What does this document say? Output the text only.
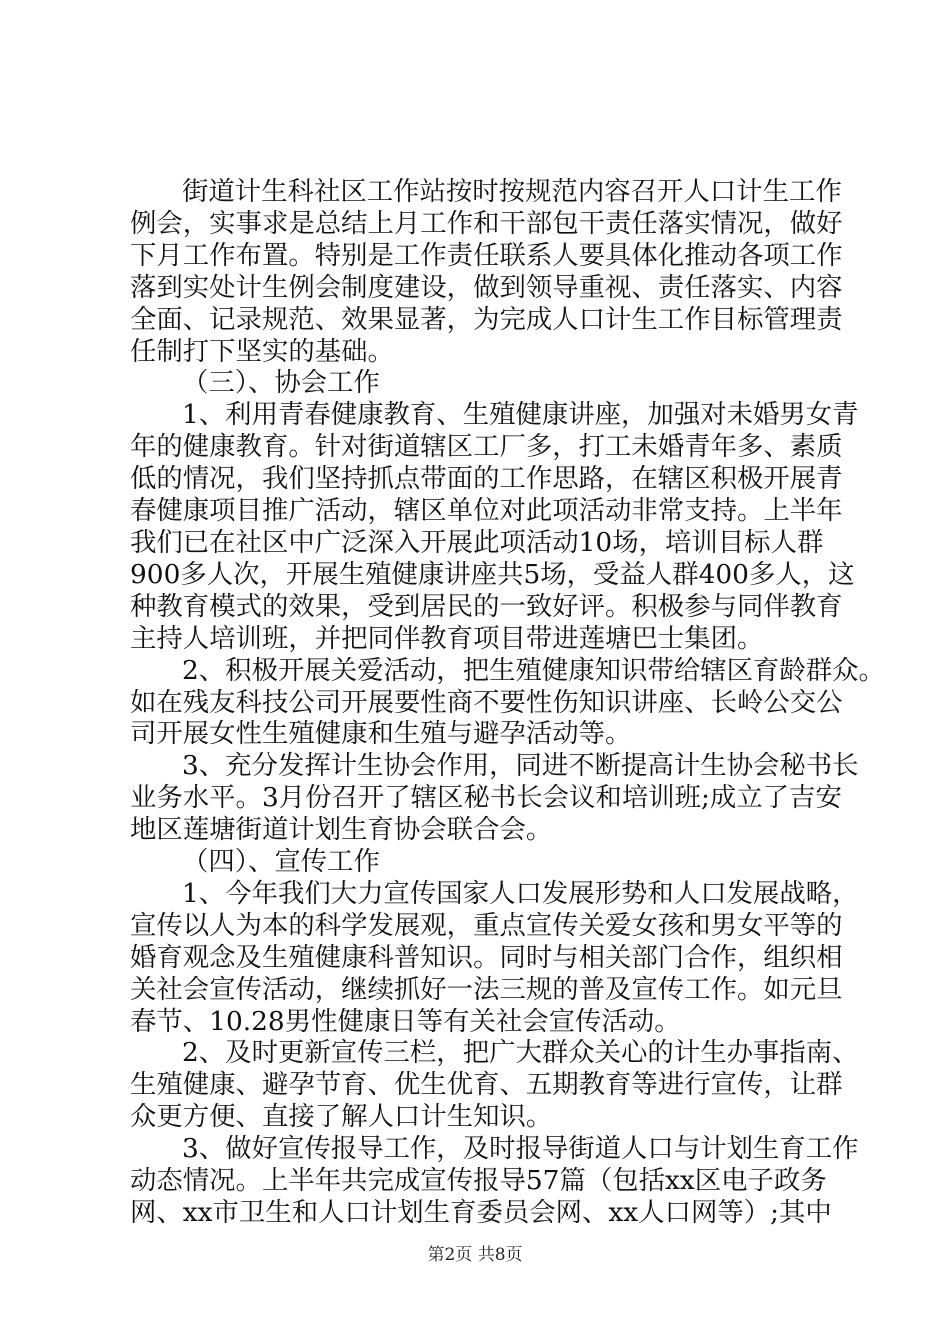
街道计生科社区工作站按时按规范内容召开人口计生工作
例会，实事求是总结上月工作和干部包干责任落实情况，做好
下月工作布置。特别是工作责任联系人要具体化推动各项工作
落到实处计生例会制度建设，做到领导重视、责任落实、内容
全面、记录规范、效果显著，为完成人口计生工作目标管理责
任制打下坚实的基础。
（三）、协会工作
1、利用青春健康教育、生殖健康讲座，加强对未婚男女青
年的健康教育。针对街道辖区工厂多，打工未婚青年多、素质
低的情况，我们坚持抓点带面的工作思路，在辖区积极开展青
春健康项目推广活动，辖区单位对此项活动非常支持。上半年
我们已在社区中广泛深入开展此项活动10场，培训目标人群
900多人次，开展生殖健康讲座共5场，受益人群400多人，这
种教育模式的效果，受到居民的一致好评。积极参与同伴教育
主持人培训班，并把同伴教育项目带进莲塘巴士集团。
2、积极开展关爱活动，把生殖健康知识带给辖区育龄群众。
如在残友科技公司开展要性商不要性伤知识讲座、长岭公交公
司开展女性生殖健康和生殖与避孕活动等。
3、充分发挥计生协会作用，同进不断提高计生协会秘书长
业务水平。3月份召开了辖区秘书长会议和培训班;成立了吉安
地区莲塘街道计划生育协会联合会。
（四）、宣传工作
1、今年我们大力宣传国家人口发展形势和人口发展战略，
宣传以人为本的科学发展观，重点宣传关爱女孩和男女平等的
婚育观念及生殖健康科普知识。同时与相关部门合作，组织相
关社会宣传活动，继续抓好一法三规的普及宣传工作。如元旦
春节、10.28男性健康日等有关社会宣传活动。
2、及时更新宣传三栏，把广大群众关心的计生办事指南、
生殖健康、避孕节育、优生优育、五期教育等进行宣传，让群
众更方便、直接了解人口计生知识。
3、做好宣传报导工作，及时报导街道人口与计划生育工作
动态情况。上半年共完成宣传报导57篇（包括xx区电子政务
网、xx市卫生和人口计划生育委员会网、xx人口网等）;其中
第2页 共8页
